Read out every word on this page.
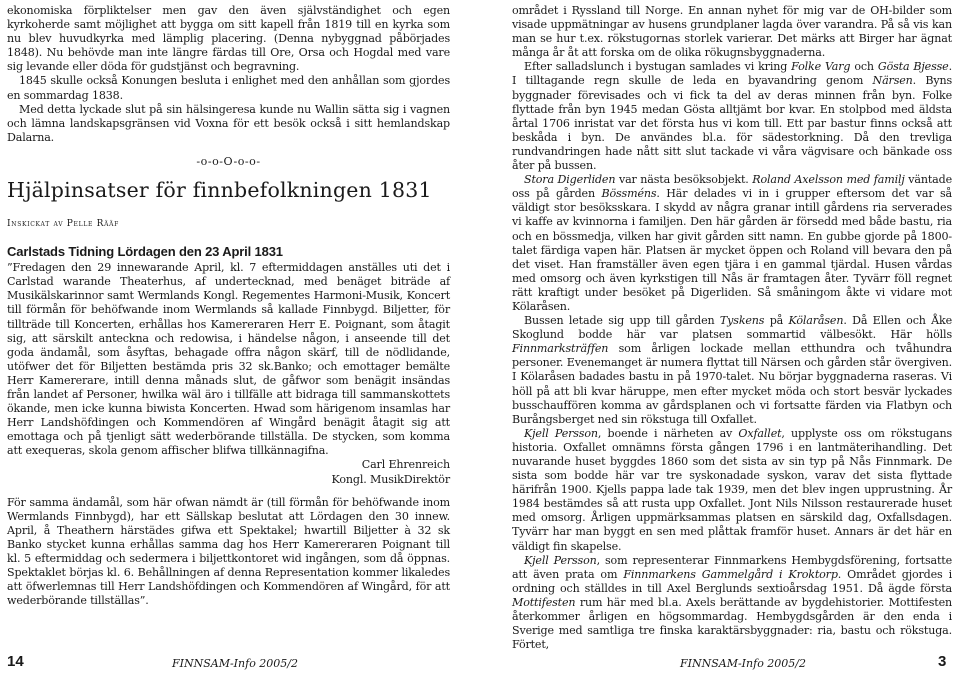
ekonomiska förpliktelser men gav den även självständighet och egen kyrkoherde samt möjlighet att bygga om sitt kapell från 1819 till en kyrka som nu blev huvudkyrka med lämplig placering. (Denna nybyggnad påbörjades 1848). Nu behövde man inte längre färdas till Ore, Orsa och Hogdal med vare sig levande eller döda för gudstjänst och begravning.

1845 skulle också Konungen besluta i enlighet med den anhållan som gjordes en sommardag 1838.

Med detta lyckade slut på sin hälsingeresa kunde nu Wallin sätta sig i vagnen och lämna landskapsgränsen vid Voxna för ett besök också i sitt hemlandskap Dalarna.

-o-o-O-o-o-

Hjälpinsatser för finnbefolkningen 1831

Inskickat av Pelle Rääf

Carlstads Tidning Lördagen den 23 April 1831

”Fredagen den 29 innewarande April, kl. 7 eftermiddagen anställes uti det i Carlstad warande Theaterhus, af undertecknad, med benäget biträde af Musikälskarinnor samt Wermlands Kongl. Regementes Harmoni-Musik, Koncert till förmån för behöfwande inom Wermlands så kallade Finnbygd. Biljetter, för tillträde till Koncerten, erhållas hos Kamereraren Herr E. Poignant, som åtagit sig, att särskilt anteckna och redowisa, i händelse någon, i anseende till det goda ändamål, som åsyftas, behagade offra någon skärf, till de nödlidande, utöfwer det för Biljetten bestämda pris 32 sk.Banko; och emottager bemälte Herr Kamererare, intill denna månads slut, de gåfwor som benägit insändas från landet af Personer, hwilka wäl äro i tillfälle att bidraga till sammanskottets ökande, men icke kunna biwista Koncerten. Hwad som härigenom insamlas har Herr Landshöfdingen och Kommendören af Wingård benägit åtagit sig att emottaga och på tjenligt sätt wederbörande tillställa. De stycken, som komma att exequeras, skola genom affischer blifwa tillkännagifna.

Carl Ehrenreich

Kongl. MusikDirektör

För samma ändamål, som här ofwan nämdt är (till förmån för behöfwande inom Wermlands Finnbygd), har ett Sällskap beslutat att Lördagen den 30 innew. April, å Theathern härstädes gifwa ett Spektakel; hwartill Biljetter à 32 sk Banko stycket kunna erhållas samma dag hos Herr Kamereraren Poignant till kl. 5 eftermiddag och sedermera i biljettkontoret wid ingången, som då öppnas. Spektaklet börjas kl. 6. Behållningen af denna Representation kommer likaledes att öfwerlemnas till Herr Landshöfdingen och Kommendören af Wingård, för att wederbörande tillställas”.

området i Ryssland till Norge. En annan nyhet för mig var de OH-bilder som visade uppmätningar av husens grundplaner lagda över varandra. På så vis kan man se hur t.ex. rökstugornas storlek varierar. Det märks att Birger har ägnat många år åt att forska om de olika rökugnsbyggnaderna.

Efter salladslunch i bystugan samlades vi kring Folke Varg och Gösta Bjesse. I tilltagande regn skulle de leda en byavandring genom Närsen. Byns byggnader förevisades och vi fick ta del av deras minnen från byn. Folke flyttade från byn 1945 medan Gösta alltjämt bor kvar. En stolpbod med äldsta årtal 1706 inristat var det första hus vi kom till. Ett par bastur finns också att beskåda i byn. De användes bl.a. för sädestorkning. Då den trevliga rundvandringen hade nått sitt slut tackade vi våra vägvisare och bänkade oss åter på bussen.

Stora Digerliden var nästa besöksobjekt. Roland Axelsson med familj väntade oss på gården Bössméns. Här delades vi in i grupper eftersom det var så väldigt stor besöksskara. I skydd av några granar intill gårdens ria serverades vi kaffe av kvinnorna i familjen. Den här gården är försedd med både bastu, ria och en bössmedja, vilken har givit gården sitt namn. En gubbe gjorde på 1800-talet färdiga vapen här. Platsen är mycket öppen och Roland vill bevara den på det viset. Han framställer även egen tjära i en gammal tjärdal. Husen vårdas med omsorg och även kyrkstigen till Nås är framtagen åter. Tyvärr föll regnet rätt kraftigt under besöket på Digerliden. Så småningom åkte vi vidare mot Kölaråsen.

Bussen letade sig upp till gården Tyskens på Kölaråsen. Då Ellen och Åke Skoglund bodde här var platsen sommartid välbesökt. Här hölls Finnmarksträffen som årligen lockade mellan etthundra och tvåhundra personer. Evenemanget är numera flyttat till Närsen och gården står övergiven. I Kölaråsen badades bastu in på 1970-talet. Nu börjar byggnaderna raseras. Vi höll på att bli kvar häruppe, men efter mycket möda och stort besvär lyckades busschauffören komma av gårdsplanen och vi fortsatte färden via Flatbyn och Burångsberget ned sin rökstuga till Oxfallet.

Kjell Persson, boende i närheten av Oxfallet, upplyste oss om rökstugans historia. Oxfallet omnämns första gången 1796 i en lantmäterihandling. Det nuvarande huset byggdes 1860 som det sista av sin typ på Nås Finnmark. De sista som bodde här var tre syskonadade syskon, varav det sista flyttade härifrån 1900. Kjells pappa lade tak 1939, men det blev ingen upprustning. År 1984 bestämdes så att rusta upp Oxfallet. Jont Nils Nilsson restaurerade huset med omsorg. Årligen uppmärksammas platsen en särskild dag, Oxfallsdagen. Tyvärr har man byggt en sen med plåttak framför huset. Annars är det här en väldigt fin skapelse.

Kjell Persson, som representerar Finnmarkens Hembygdsförening, fortsatte att även prata om Finnmarkens Gammelgård i Kroktorp. Området gjordes i ordning och ställdes in till Axel Berglunds sextioårsdag 1951. Då ägde första Mottifesten rum här med bl.a. Axels berättande av bygdehistorier. Mottifesten återkommer årligen en högsommardag. Hembygdsgården är den enda i Sverige med samtliga tre finska karaktärsbyggnader: ria, bastu och rökstuga. Förtet,

14	FINNSAM-Info 2005/2	FINNSAM-Info 2005/2	3
